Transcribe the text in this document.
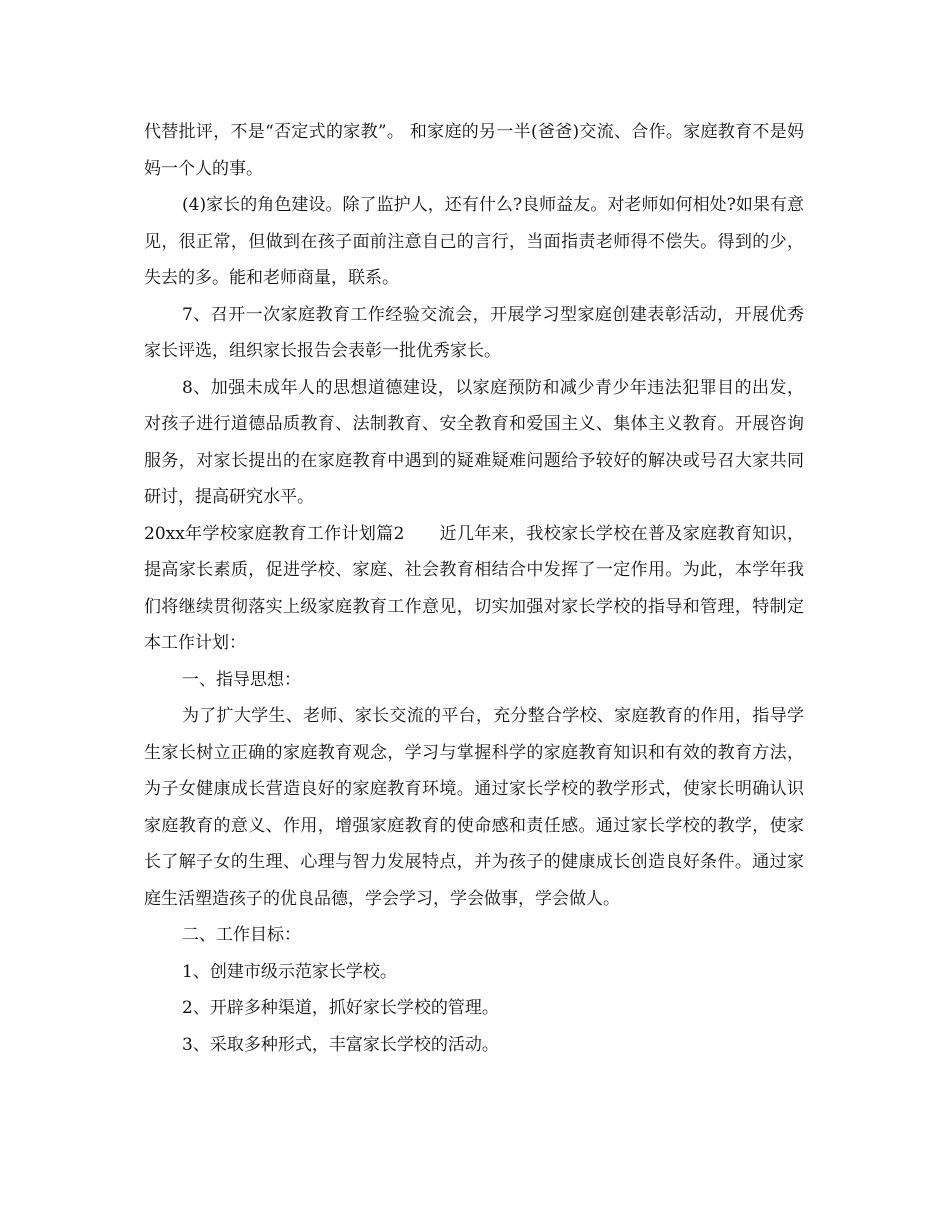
代替批评，不是“否定式的家教”。 和家庭的另一半(爸爸)交流、合作。家庭教育不是妈妈一个人的事。

(4)家长的角色建设。除了监护人，还有什么?良师益友。对老师如何相处?如果有意见，很正常，但做到在孩子面前注意自己的言行，当面指责老师得不偿失。得到的少，失去的多。能和老师商量，联系。

7、召开一次家庭教育工作经验交流会，开展学习型家庭创建表彰活动，开展优秀家长评选，组织家长报告会表彰一批优秀家长。

8、加强未成年人的思想道德建设，以家庭预防和减少青少年违法犯罪目的出发，对孩子进行道德品质教育、法制教育、安全教育和爱国主义、集体主义教育。开展咨询服务，对家长提出的在家庭教育中遇到的疑难疑难问题给予较好的解决或号召大家共同研讨，提高研究水平。

20xx年学校家庭教育工作计划篇2　　近几年来，我校家长学校在普及家庭教育知识，提高家长素质，促进学校、家庭、社会教育相结合中发挥了一定作用。为此，本学年我们将继续贯彻落实上级家庭教育工作意见，切实加强对家长学校的指导和管理，特制定本工作计划：

一、指导思想：

为了扩大学生、老师、家长交流的平台，充分整合学校、家庭教育的作用，指导学生家长树立正确的家庭教育观念，学习与掌握科学的家庭教育知识和有效的教育方法，为子女健康成长营造良好的家庭教育环境。通过家长学校的教学形式，使家长明确认识家庭教育的意义、作用，增强家庭教育的使命感和责任感。通过家长学校的教学，使家长了解子女的生理、心理与智力发展特点，并为孩子的健康成长创造良好条件。通过家庭生活塑造孩子的优良品德，学会学习，学会做事，学会做人。

二、工作目标：

1、创建市级示范家长学校。

2、开辟多种渠道，抓好家长学校的管理。

3、采取多种形式，丰富家长学校的活动。
